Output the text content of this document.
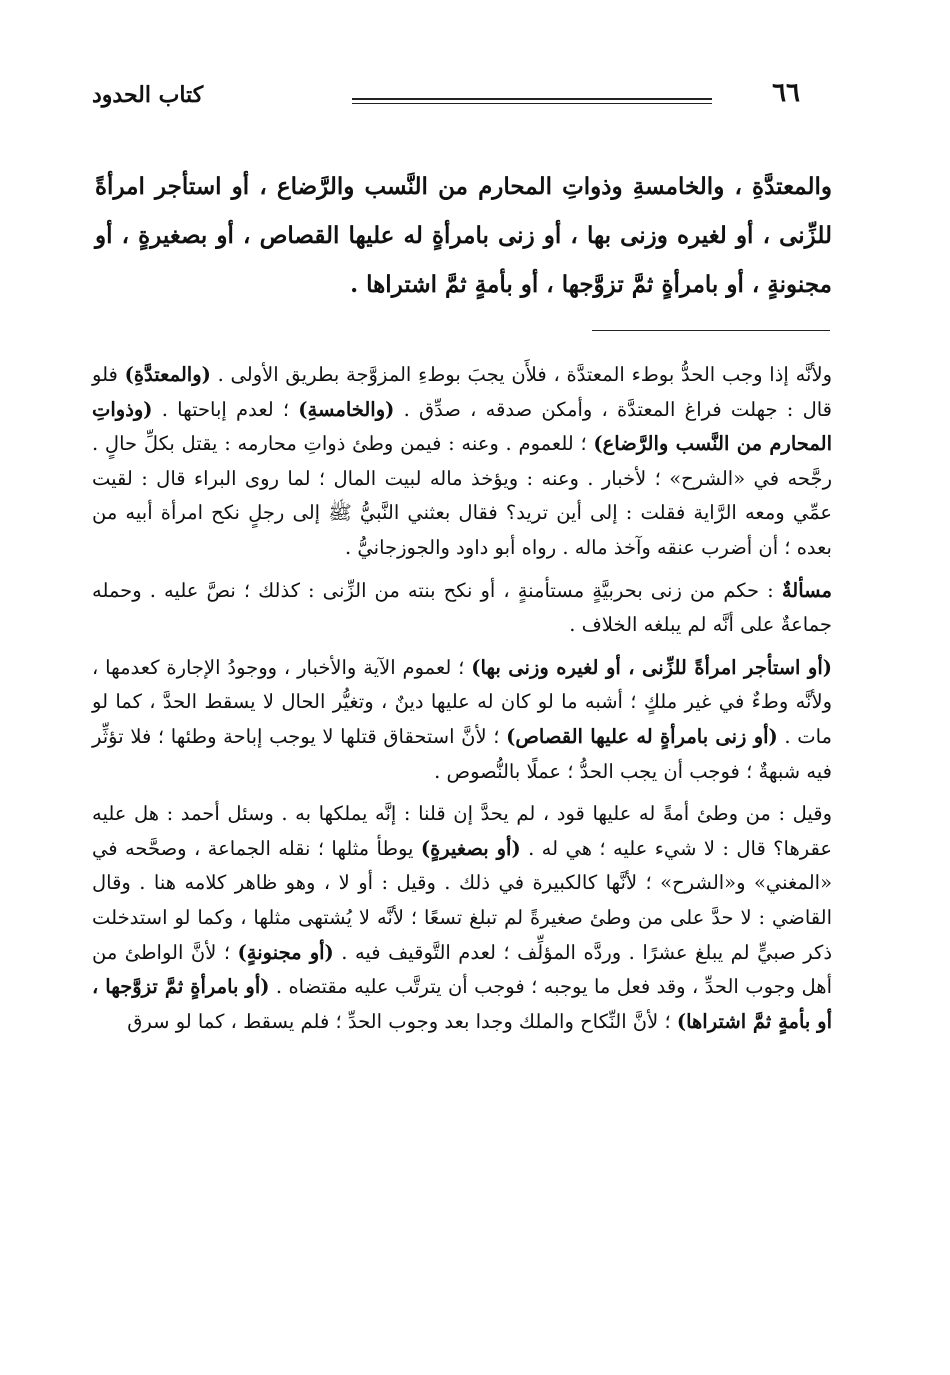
٦٦
كتاب الحدود

والمعتدَّةِ ، والخامسةِ وذواتِ المحارم من النَّسب والرَّضاع ، أو استأجر امرأةً للزِّنى ، أو لغيره وزنى بها ، أو زنى بامرأةٍ له عليها القصاص ، أو بصغيرةٍ ، أو مجنونةٍ ، أو بامرأةٍ ثمَّ تزوَّجها ، أو بأمةٍ ثمَّ اشتراها .

ولأنَّه إذا وجب الحدُّ بوطء المعتدَّة ، فلأَن يجبَ بوطءِ المزوَّجة بطريق الأولى . (والمعتدَّةِ) فلو قال : جهلت فراغ المعتدَّة ، وأمكن صدقه ، صدِّق . (والخامسةِ) ؛ لعدم إباحتها . (وذواتِ المحارم من النَّسب والرَّضاع) ؛ للعموم . وعنه : فيمن وطئ ذواتِ محارمه : يقتل بكلِّ حالٍ . رجَّحه في «الشرح» ؛ لأخبار . وعنه : ويؤخذ ماله لبيت المال ؛ لما روى البراء قال : لقيت عمِّي ومعه الرَّاية فقلت : إلى أين تريد؟ فقال بعثني النَّبيُّ ﷺ إلى رجلٍ نكح امرأة أبيه من بعده ؛ أن أضرب عنقه وآخذ ماله . رواه أبو داود والجوزجانيُّ .

مسألةٌ : حكم من زنى بحربيَّةٍ مستأمنةٍ ، أو نكح بنته من الزِّنى : كذلك ؛ نصَّ عليه . وحمله جماعةٌ على أنَّه لم يبلغه الخلاف .

(أو استأجر امرأةً للزِّنى ، أو لغيره وزنى بها) ؛ لعموم الآية والأخبار ، ووجودُ الإجارة كعدمها ، ولأنَّه وطءٌ في غير ملكٍ ؛ أشبه ما لو كان له عليها دينٌ ، وتغيُّر الحال لا يسقط الحدَّ ، كما لو مات . (أو زنى بامرأةٍ له عليها القصاص) ؛ لأنَّ استحقاق قتلها لا يوجب إباحة وطئها ؛ فلا تؤثِّر فيه شبهةٌ ؛ فوجب أن يجب الحدُّ ؛ عملًا بالنُّصوص .

وقيل : من وطئ أمةً له عليها قود ، لم يحدَّ إن قلنا : إنَّه يملكها به . وسئل أحمد : هل عليه عقرها؟ قال : لا شيء عليه ؛ هي له . (أو بصغيرةٍ) يوطأ مثلها ؛ نقله الجماعة ، وصحَّحه في «المغني» و«الشرح» ؛ لأنَّها كالكبيرة في ذلك . وقيل : أو لا ، وهو ظاهر كلامه هنا . وقال القاضي : لا حدَّ على من وطئ صغيرةً لم تبلغ تسعًا ؛ لأنَّه لا يُشتهى مثلها ، وكما لو استدخلت ذكر صبيٍّ لم يبلغ عشرًا . وردَّه المؤلِّف ؛ لعدم التَّوقيف فيه . (أو مجنونةٍ) ؛ لأنَّ الواطئ من أهل وجوب الحدِّ ، وقد فعل ما يوجبه ؛ فوجب أن يترتَّب عليه مقتضاه . (أو بامرأةٍ ثمَّ تزوَّجها ، أو بأمةٍ ثمَّ اشتراها) ؛ لأنَّ النِّكاح والملك وجدا بعد وجوب الحدِّ ؛ فلم يسقط ، كما لو سرق
